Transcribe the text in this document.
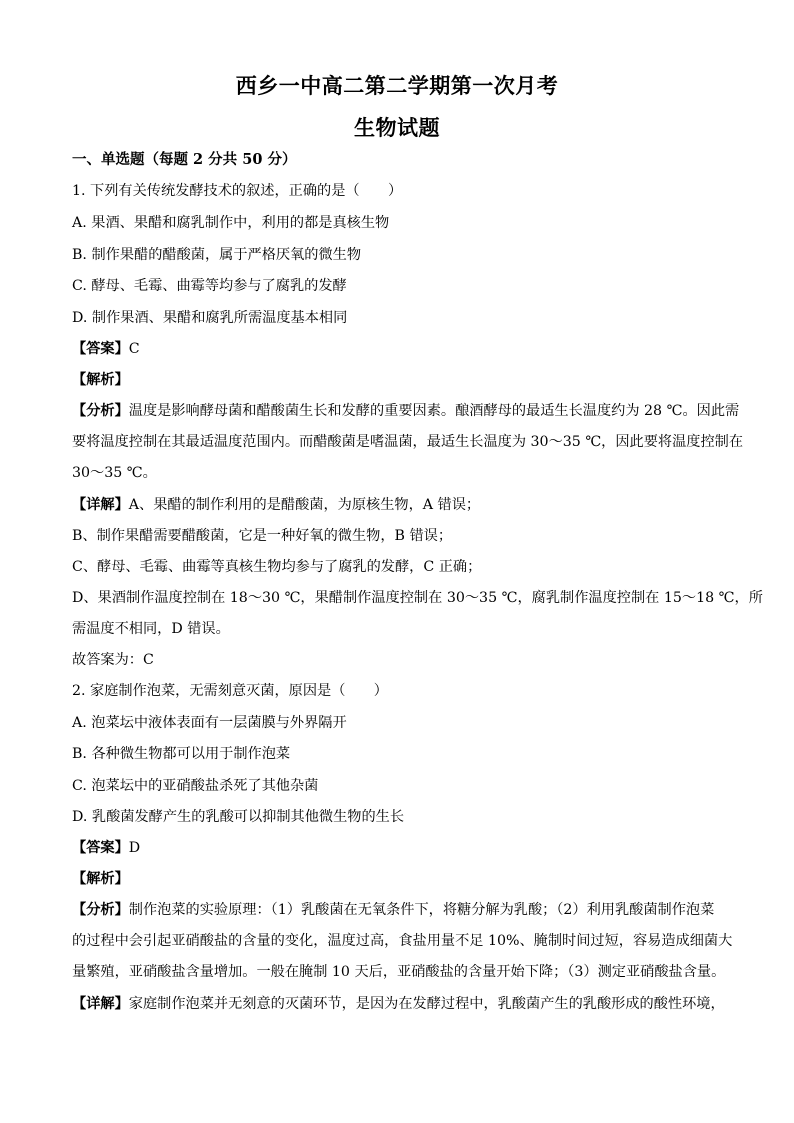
西乡一中高二第二学期第一次月考
生物试题
一、单选题（每题 2 分共 50 分）
1. 下列有关传统发酵技术的叙述，正确的是（　　）
A. 果酒、果醋和腐乳制作中，利用的都是真核生物
B. 制作果醋的醋酸菌，属于严格厌氧的微生物
C. 酵母、毛霉、曲霉等均参与了腐乳的发酵
D. 制作果酒、果醋和腐乳所需温度基本相同
【答案】C
【解析】
【分析】温度是影响酵母菌和醋酸菌生长和发酵的重要因素。酿酒酵母的最适生长温度约为 28 ℃。因此需
要将温度控制在其最适温度范围内。而醋酸菌是嗜温菌，最适生长温度为 30～35 ℃，因此要将温度控制在
30～35 ℃。
【详解】A、果醋的制作利用的是醋酸菌，为原核生物，A 错误；
B、制作果醋需要醋酸菌，它是一种好氧的微生物，B 错误；
C、酵母、毛霉、曲霉等真核生物均参与了腐乳的发酵，C 正确；
D、果酒制作温度控制在 18～30 ℃，果醋制作温度控制在 30～35 ℃，腐乳制作温度控制在 15～18 ℃，所
需温度不相同，D 错误。
故答案为：C
2. 家庭制作泡菜，无需刻意灭菌，原因是（　　）
A. 泡菜坛中液体表面有一层菌膜与外界隔开
B. 各种微生物都可以用于制作泡菜
C. 泡菜坛中的亚硝酸盐杀死了其他杂菌
D. 乳酸菌发酵产生的乳酸可以抑制其他微生物的生长
【答案】D
【解析】
【分析】制作泡菜的实验原理：（1）乳酸菌在无氧条件下，将糖分解为乳酸；（2）利用乳酸菌制作泡菜
的过程中会引起亚硝酸盐的含量的变化，温度过高，食盐用量不足 10%、腌制时间过短，容易造成细菌大
量繁殖，亚硝酸盐含量增加。一般在腌制 10 天后，亚硝酸盐的含量开始下降；（3）测定亚硝酸盐含量。
【详解】家庭制作泡菜并无刻意的灭菌环节，是因为在发酵过程中，乳酸菌产生的乳酸形成的酸性环境，
